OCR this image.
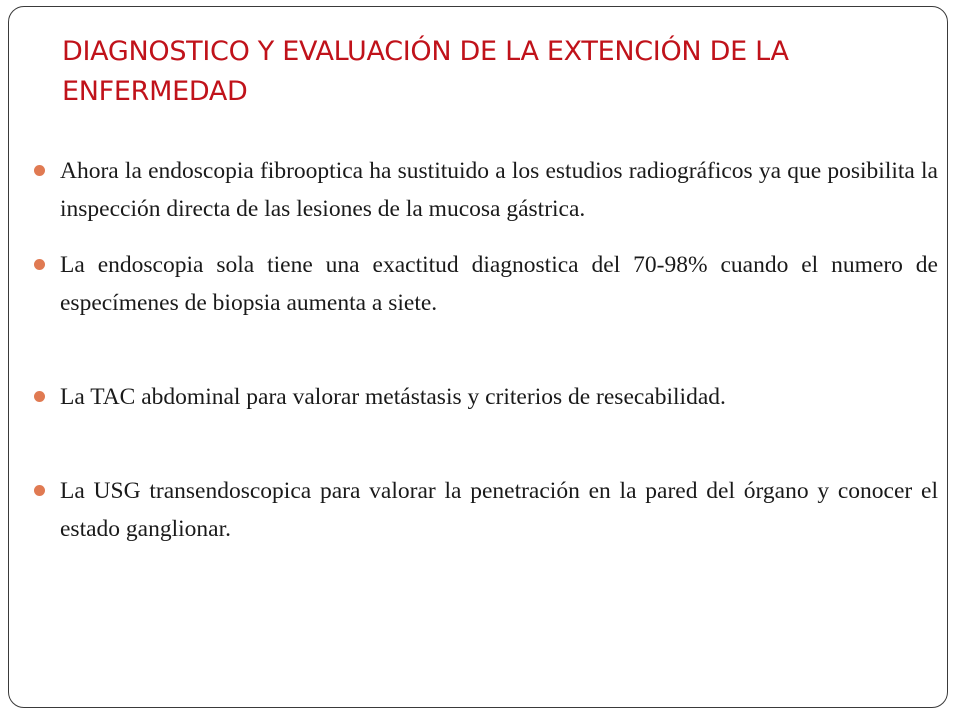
DIAGNOSTICO Y EVALUACIÓN DE LA EXTENCIÓN DE LA ENFERMEDAD
Ahora la endoscopia fibrooptica ha sustituido a los estudios radiográficos ya que posibilita la inspección directa de las lesiones de la mucosa gástrica.
La endoscopia sola tiene una exactitud diagnostica del 70-98% cuando el numero de especímenes de biopsia aumenta a siete.
La TAC abdominal para valorar metástasis y criterios de resecabilidad.
La USG transendoscopica para valorar la penetración en la pared del órgano y conocer el estado ganglionar.
